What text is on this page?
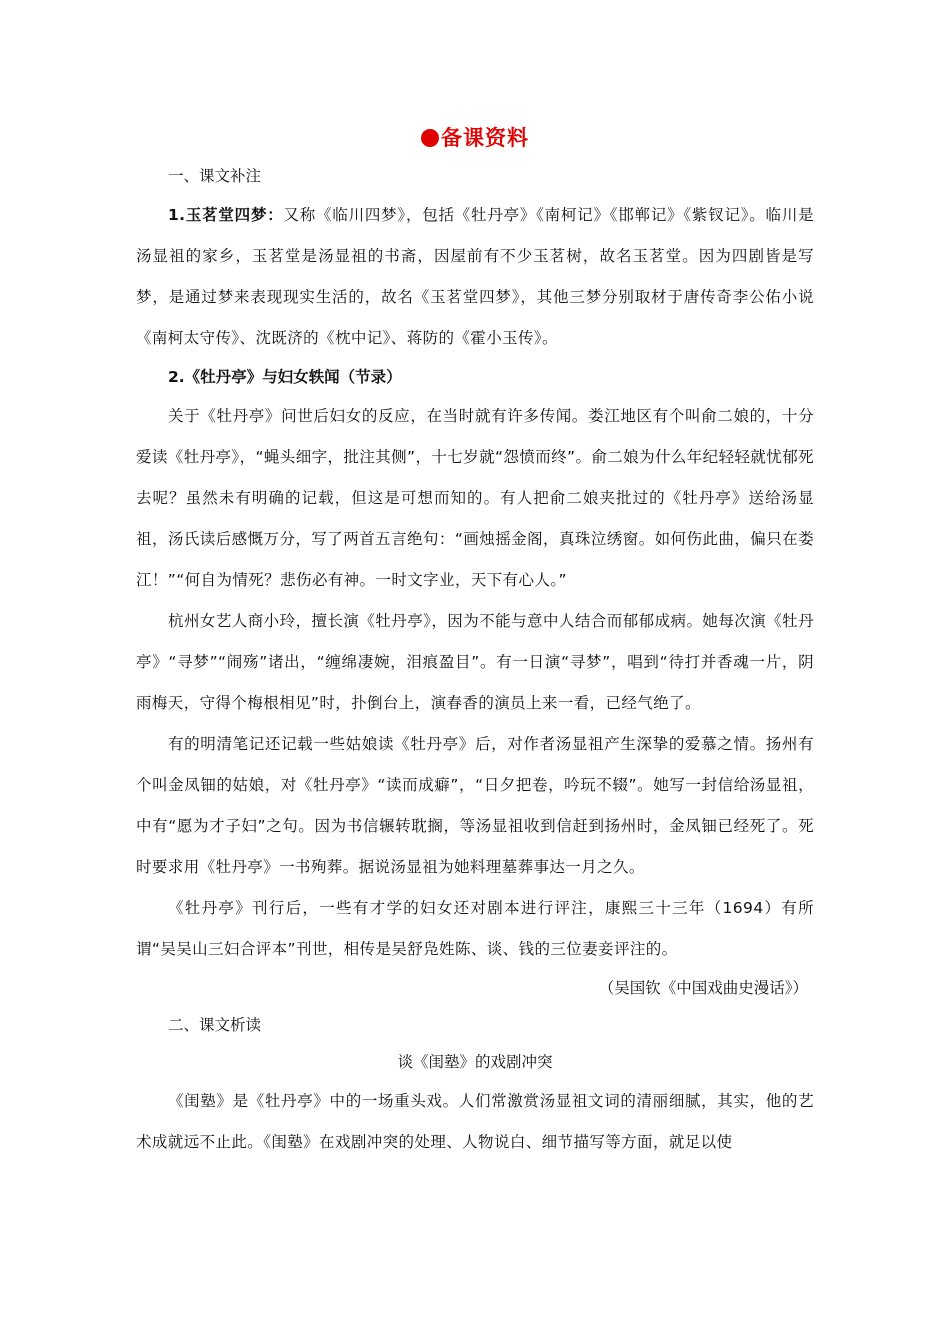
备课资料

一、课文补注

1.玉茗堂四梦：又称《临川四梦》，包括《牡丹亭》《南柯记》《邯郸记》《紫钗记》。临川是汤显祖的家乡，玉茗堂是汤显祖的书斋，因屋前有不少玉茗树，故名玉茗堂。因为四剧皆是写梦，是通过梦来表现现实生活的，故名《玉茗堂四梦》，其他三梦分别取材于唐传奇李公佑小说《南柯太守传》、沈既济的《枕中记》、蒋防的《霍小玉传》。

2.《牡丹亭》与妇女轶闻（节录）

关于《牡丹亭》问世后妇女的反应，在当时就有许多传闻。娄江地区有个叫俞二娘的，十分爱读《牡丹亭》，“蝇头细字，批注其侧”，十七岁就“怨愤而终”。俞二娘为什么年纪轻轻就忧郁死去呢？虽然未有明确的记载，但这是可想而知的。有人把俞二娘夹批过的《牡丹亭》送给汤显祖，汤氏读后感慨万分，写了两首五言绝句：“画烛摇金阁，真珠泣绣窗。如何伤此曲，偏只在娄江！”“何自为情死？悲伤必有神。一时文字业，天下有心人。”

杭州女艺人商小玲，擅长演《牡丹亭》，因为不能与意中人结合而郁郁成病。她每次演《牡丹亭》“寻梦”“闹殇”诸出，“缠绵凄婉，泪痕盈目”。有一日演“寻梦”，唱到“待打并香魂一片，阴雨梅天，守得个梅根相见”时，扑倒台上，演春香的演员上来一看，已经气绝了。

有的明清笔记还记载一些姑娘读《牡丹亭》后，对作者汤显祖产生深挚的爱慕之情。扬州有个叫金凤钿的姑娘，对《牡丹亭》“读而成癖”，“日夕把卷，吟玩不辍”。她写一封信给汤显祖，中有“愿为才子妇”之句。因为书信辗转耽搁，等汤显祖收到信赶到扬州时，金凤钿已经死了。死时要求用《牡丹亭》一书殉葬。据说汤显祖为她料理墓葬事达一月之久。

《牡丹亭》刊行后，一些有才学的妇女还对剧本进行评注，康熙三十三年（1694）有所谓“吴吴山三妇合评本”刊世，相传是吴舒凫姓陈、谈、钱的三位妻妾评注的。

（吴国钦《中国戏曲史漫话》）

二、课文析读

谈《闺塾》的戏剧冲突

《闺塾》是《牡丹亭》中的一场重头戏。人们常激赏汤显祖文词的清丽细腻，其实，他的艺术成就远不止此。《闺塾》在戏剧冲突的处理、人物说白、细节描写等方面，就足以使
